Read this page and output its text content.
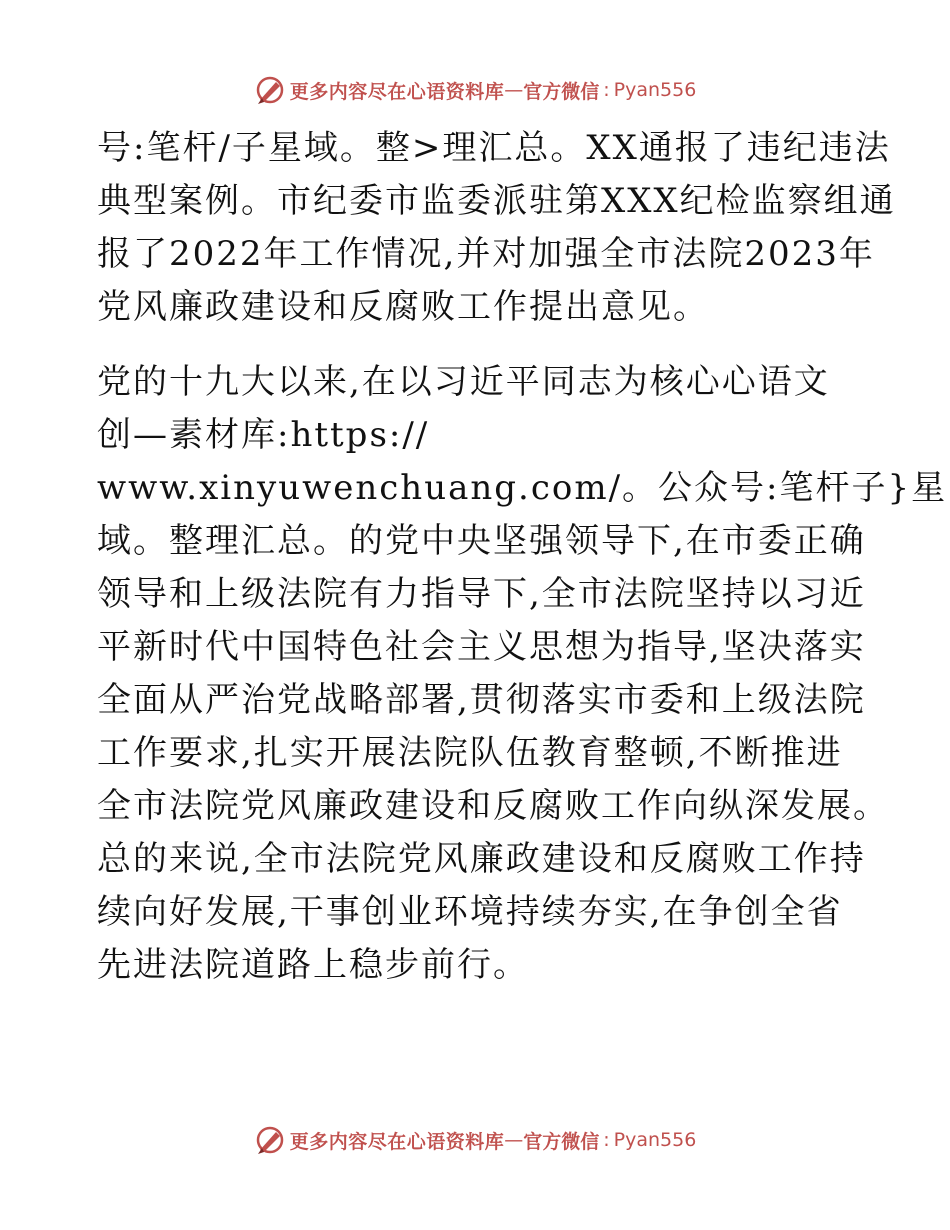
更多内容尽在心语资料库 — 官方微信 : Pyan556

号:笔杆/子星域。整>理汇总。XX通报了违纪违法
典型案例。市纪委市监委派驻第XXX纪检监察组通
报了2022年工作情况,并对加强全市法院2023年
党风廉政建设和反腐败工作提出意见。

党的十九大以来,在以习近平同志为核心心语文
创—素材库:https://
www.xinyuwenchuang.com/。公众号:笔杆子}星
域。整理汇总。的党中央坚强领导下,在市委正确
领导和上级法院有力指导下,全市法院坚持以习近
平新时代中国特色社会主义思想为指导,坚决落实
全面从严治党战略部署,贯彻落实市委和上级法院
工作要求,扎实开展法院队伍教育整顿,不断推进
全市法院党风廉政建设和反腐败工作向纵深发展。
总的来说,全市法院党风廉政建设和反腐败工作持
续向好发展,干事创业环境持续夯实,在争创全省
先进法院道路上稳步前行。

更多内容尽在心语资料库 — 官方微信 : Pyan556
